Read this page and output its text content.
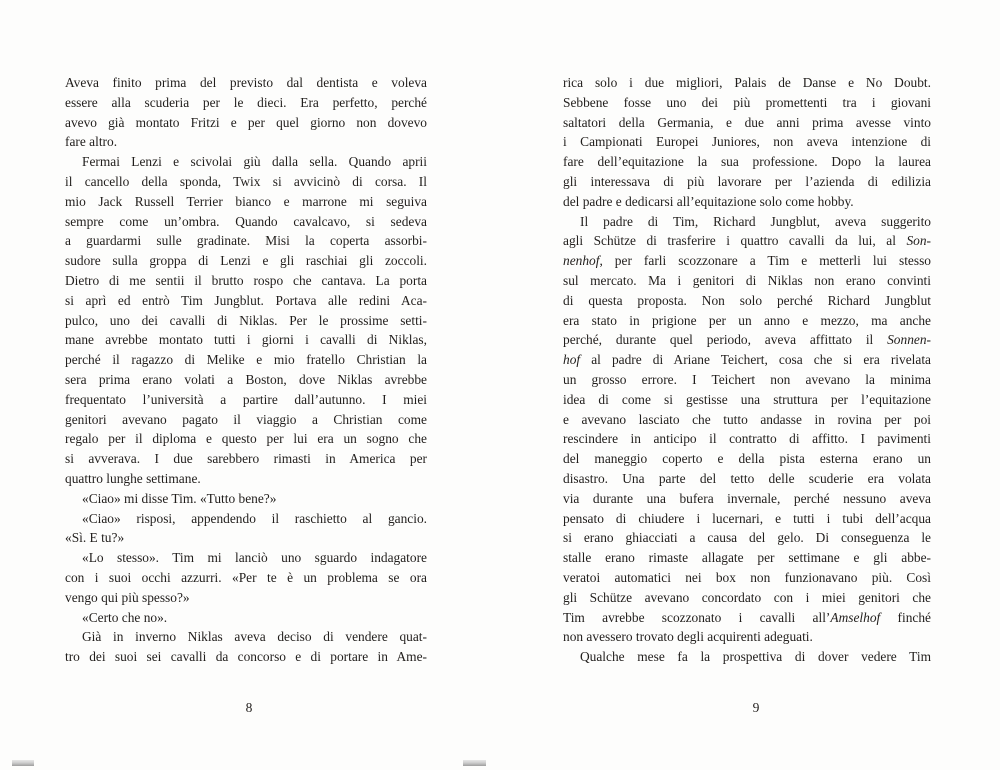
Aveva finito prima del previsto dal dentista e voleva
essere alla scuderia per le dieci. Era perfetto, perché
avevo già montato Fritzi e per quel giorno non dovevo
fare altro.
Fermai Lenzi e scivolai giù dalla sella. Quando aprii
il cancello della sponda, Twix si avvicinò di corsa. Il
mio Jack Russell Terrier bianco e marrone mi seguiva
sempre come un’ombra. Quando cavalcavo, si sedeva
a guardarmi sulle gradinate. Misi la coperta assorbi-
sudore sulla groppa di Lenzi e gli raschiai gli zoccoli.
Dietro di me sentii il brutto rospo che cantava. La porta
si aprì ed entrò Tim Jungblut. Portava alle redini Aca-
pulco, uno dei cavalli di Niklas. Per le prossime setti-
mane avrebbe montato tutti i giorni i cavalli di Niklas,
perché il ragazzo di Melike e mio fratello Christian la
sera prima erano volati a Boston, dove Niklas avrebbe
frequentato l’università a partire dall’autunno. I miei
genitori avevano pagato il viaggio a Christian come
regalo per il diploma e questo per lui era un sogno che
si avverava. I due sarebbero rimasti in America per
quattro lunghe settimane.
«Ciao» mi disse Tim. «Tutto bene?»
«Ciao» risposi, appendendo il raschietto al gancio.
«Sì. E tu?»
«Lo stesso». Tim mi lanciò uno sguardo indagatore
con i suoi occhi azzurri. «Per te è un problema se ora
vengo qui più spesso?»
«Certo che no».
Già in inverno Niklas aveva deciso di vendere quat-
tro dei suoi sei cavalli da concorso e di portare in Ame-
8
rica solo i due migliori, Palais de Danse e No Doubt.
Sebbene fosse uno dei più promettenti tra i giovani
saltatori della Germania, e due anni prima avesse vinto
i Campionati Europei Juniores, non aveva intenzione di
fare dell’equitazione la sua professione. Dopo la laurea
gli interessava di più lavorare per l’azienda di edilizia
del padre e dedicarsi all’equitazione solo come hobby.
Il padre di Tim, Richard Jungblut, aveva suggerito
agli Schütze di trasferire i quattro cavalli da lui, al Son-
nenhof, per farli scozzonare a Tim e metterli lui stesso
sul mercato. Ma i genitori di Niklas non erano convinti
di questa proposta. Non solo perché Richard Jungblut
era stato in prigione per un anno e mezzo, ma anche
perché, durante quel periodo, aveva affittato il Sonnen-
hof al padre di Ariane Teichert, cosa che si era rivelata
un grosso errore. I Teichert non avevano la minima
idea di come si gestisse una struttura per l’equitazione
e avevano lasciato che tutto andasse in rovina per poi
rescindere in anticipo il contratto di affitto. I pavimenti
del maneggio coperto e della pista esterna erano un
disastro. Una parte del tetto delle scuderie era volata
via durante una bufera invernale, perché nessuno aveva
pensato di chiudere i lucernari, e tutti i tubi dell’acqua
si erano ghiacciati a causa del gelo. Di conseguenza le
stalle erano rimaste allagate per settimane e gli abbe-
veratoi automatici nei box non funzionavano più. Così
gli Schütze avevano concordato con i miei genitori che
Tim avrebbe scozzonato i cavalli all’Amselhof finché
non avessero trovato degli acquirenti adeguati.
Qualche mese fa la prospettiva di dover vedere Tim
9
